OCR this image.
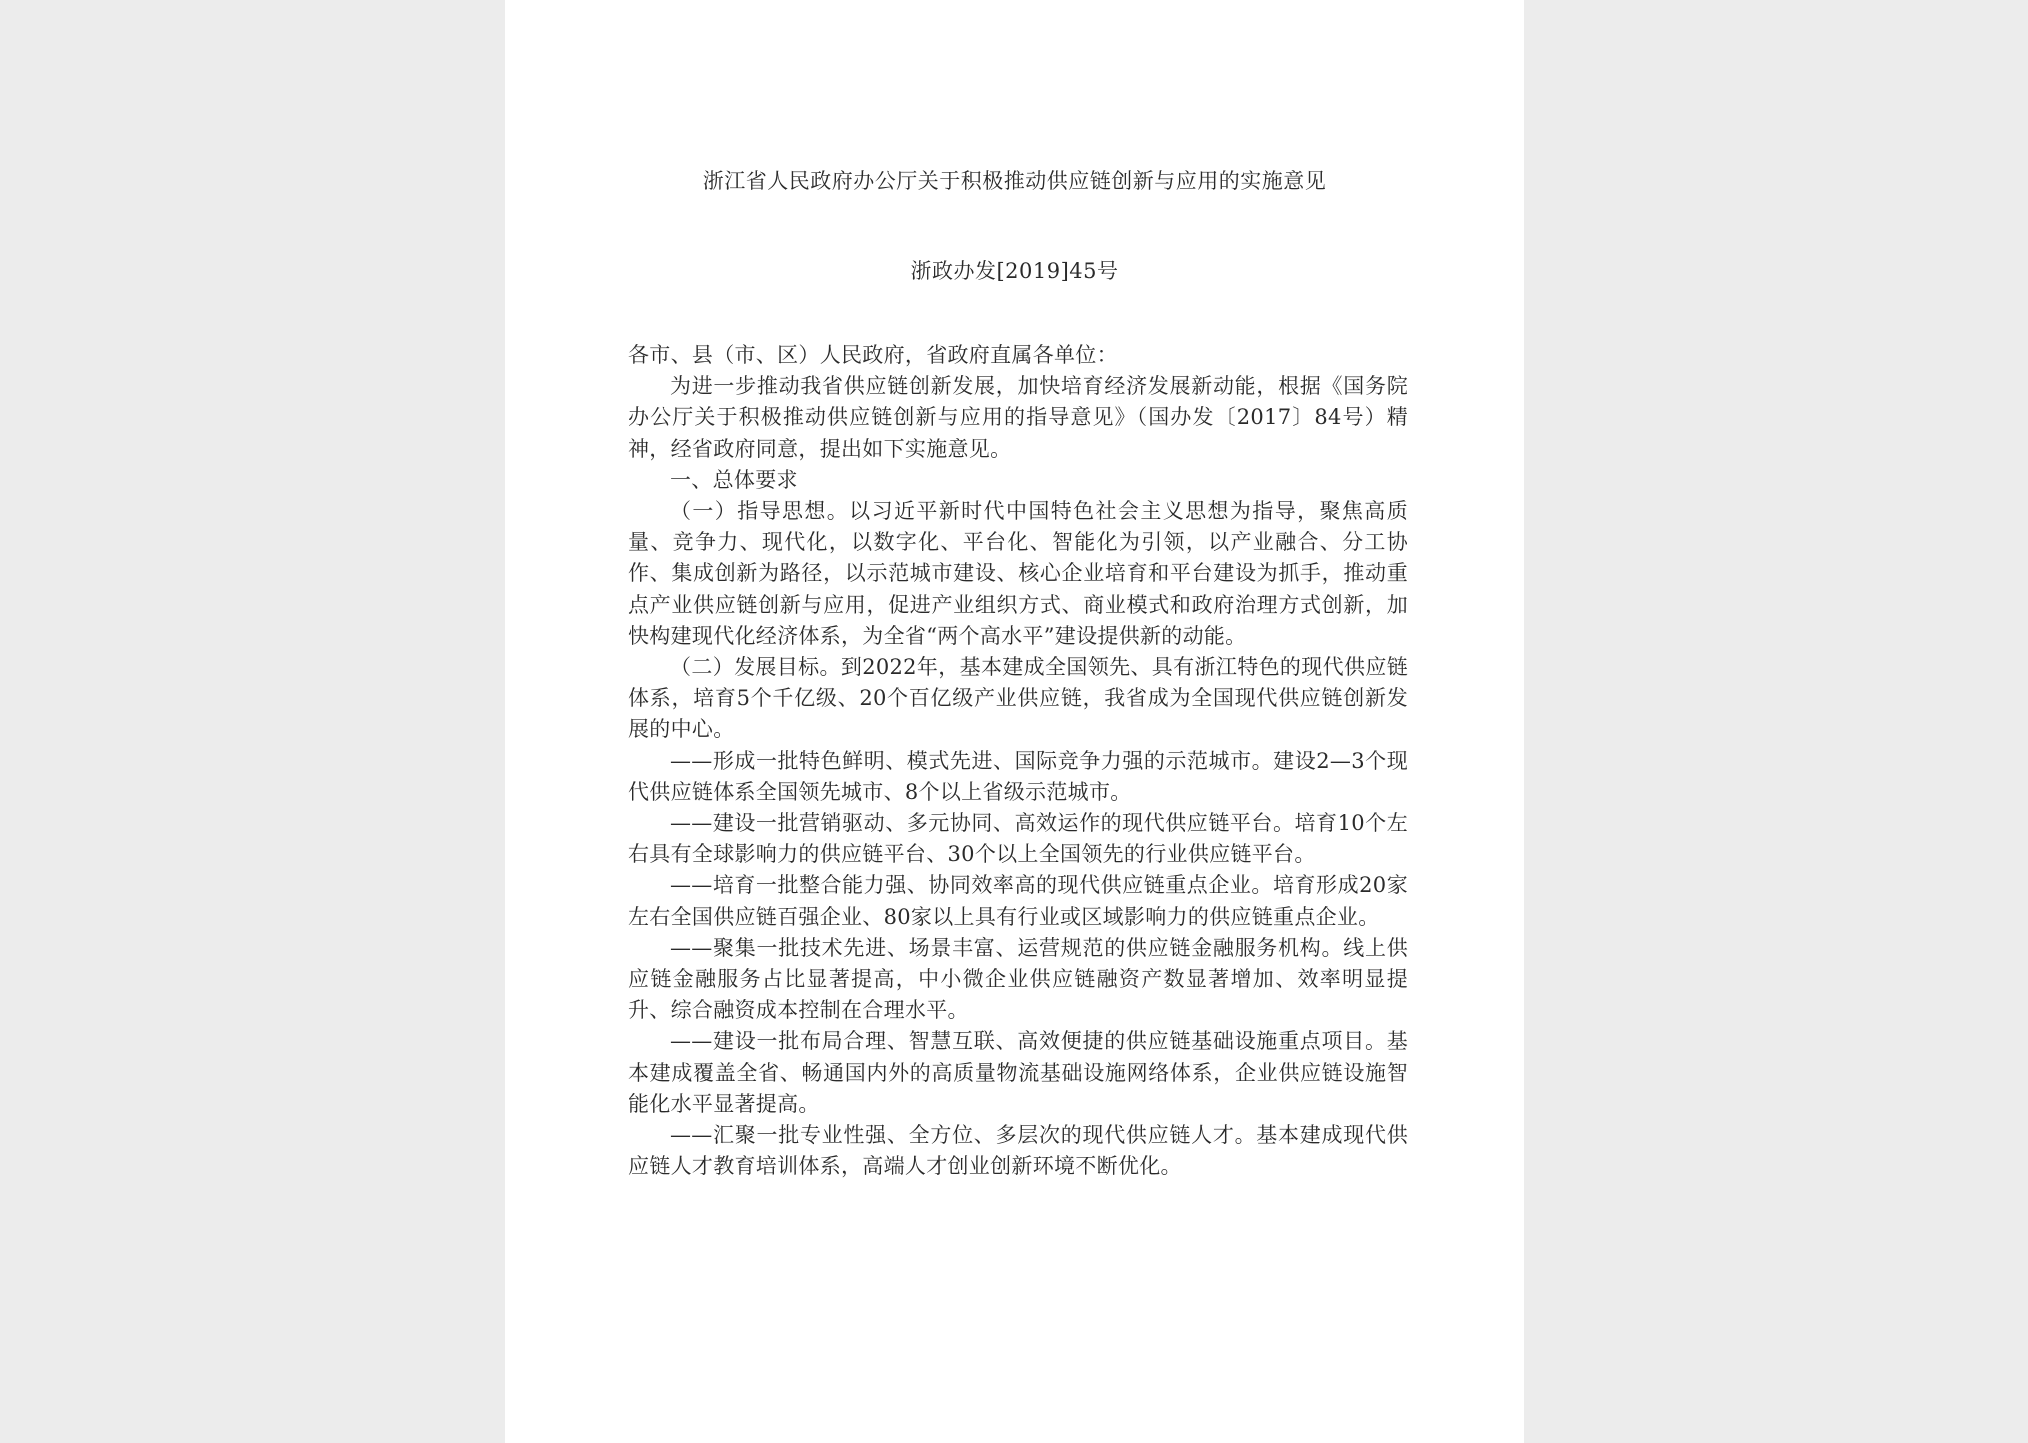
浙江省人民政府办公厅关于积极推动供应链创新与应用的实施意见
浙政办发[2019]45号

各市、县（市、区）人民政府，省政府直属各单位：

为进一步推动我省供应链创新发展，加快培育经济发展新动能，根据《国务院办公厅关于积极推动供应链创新与应用的指导意见》（国办发〔2017〕84号）精神，经省政府同意，提出如下实施意见。

一、总体要求

（一）指导思想。以习近平新时代中国特色社会主义思想为指导，聚焦高质量、竞争力、现代化，以数字化、平台化、智能化为引领，以产业融合、分工协作、集成创新为路径，以示范城市建设、核心企业培育和平台建设为抓手，推动重点产业供应链创新与应用，促进产业组织方式、商业模式和政府治理方式创新，加快构建现代化经济体系，为全省“两个高水平”建设提供新的动能。

（二）发展目标。到2022年，基本建成全国领先、具有浙江特色的现代供应链体系，培育5个千亿级、20个百亿级产业供应链，我省成为全国现代供应链创新发展的中心。

——形成一批特色鲜明、模式先进、国际竞争力强的示范城市。建设2—3个现代供应链体系全国领先城市、8个以上省级示范城市。

——建设一批营销驱动、多元协同、高效运作的现代供应链平台。培育10个左右具有全球影响力的供应链平台、30个以上全国领先的行业供应链平台。

——培育一批整合能力强、协同效率高的现代供应链重点企业。培育形成20家左右全国供应链百强企业、80家以上具有行业或区域影响力的供应链重点企业。

——聚集一批技术先进、场景丰富、运营规范的供应链金融服务机构。线上供应链金融服务占比显著提高，中小微企业供应链融资产数显著增加、效率明显提升、综合融资成本控制在合理水平。

——建设一批布局合理、智慧互联、高效便捷的供应链基础设施重点项目。基本建成覆盖全省、畅通国内外的高质量物流基础设施网络体系，企业供应链设施智能化水平显著提高。

——汇聚一批专业性强、全方位、多层次的现代供应链人才。基本建成现代供应链人才教育培训体系，高端人才创业创新环境不断优化。
